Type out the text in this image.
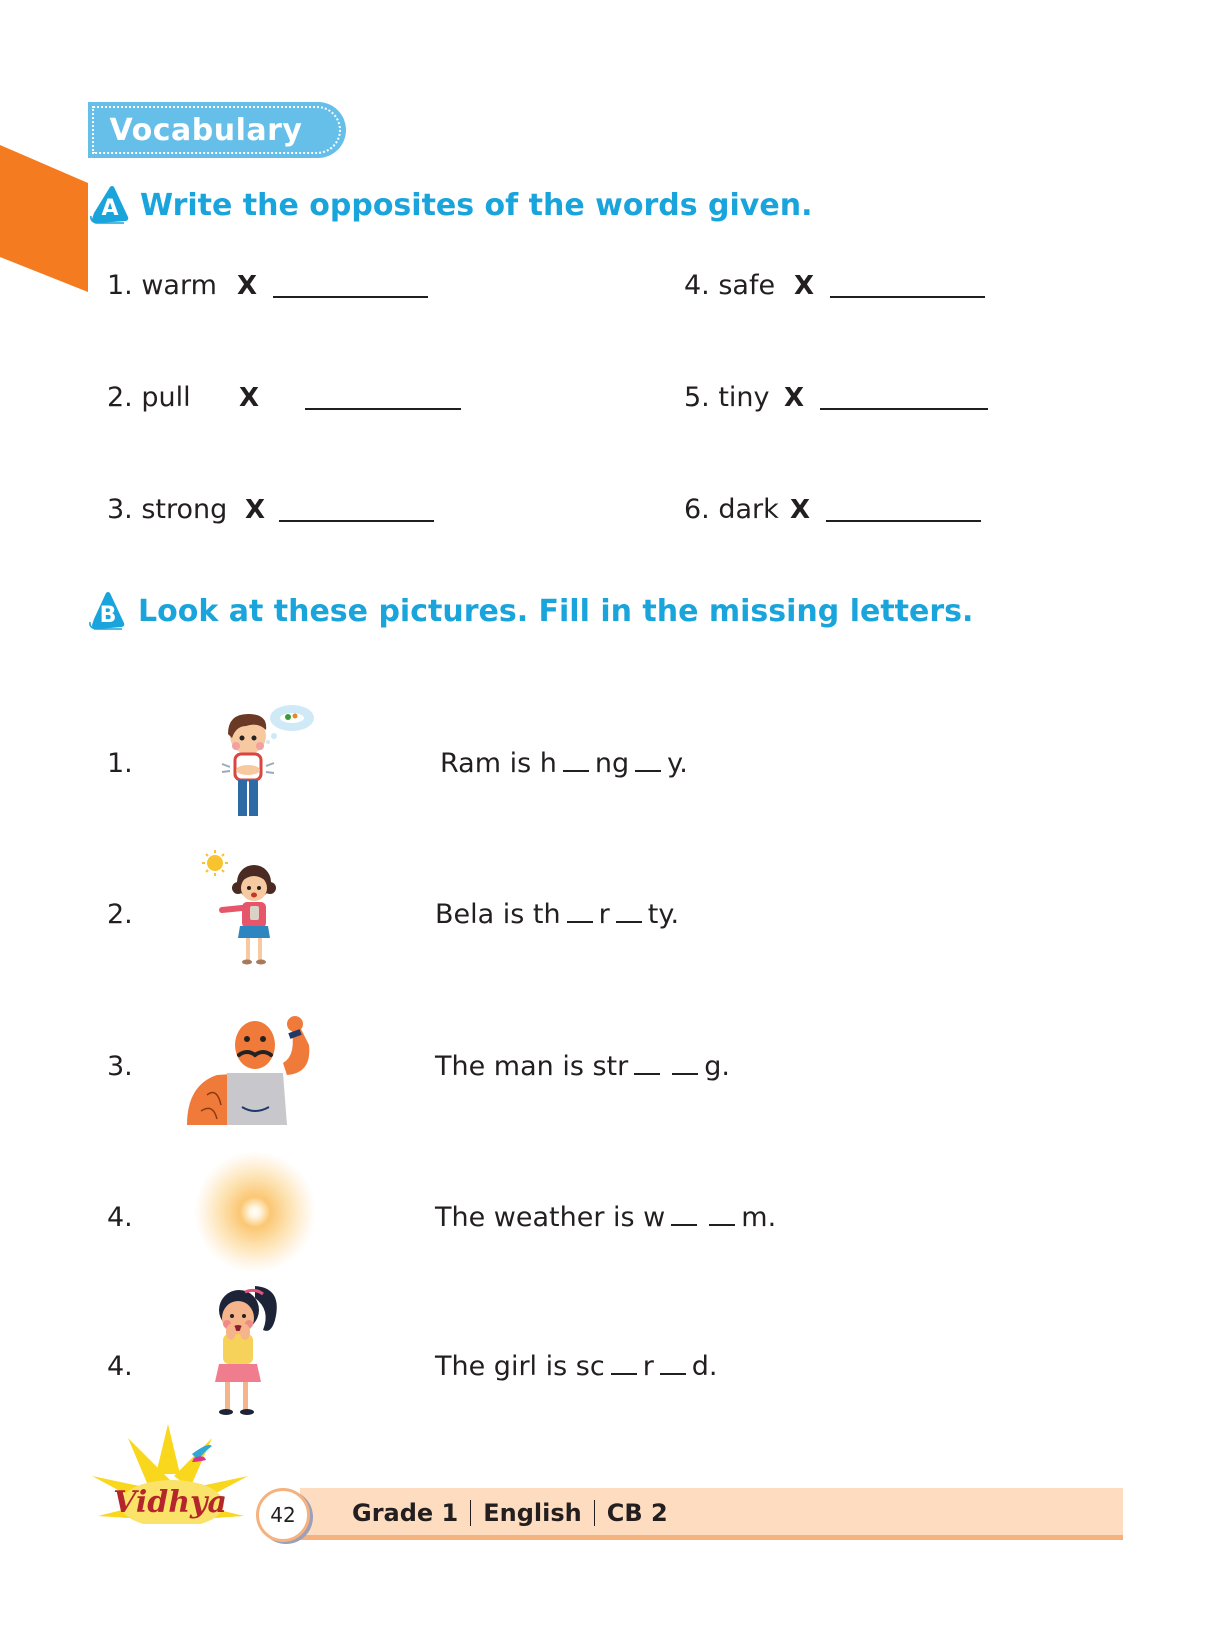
Vocabulary
A Write the opposites of the words given.
1. warm X
2. pull	X
3. strong X
4. safe X
5. tiny X
6. dark X
B Look at these pictures. Fill in the missing letters.
1.	Ram is h ng y.
2.	Bela is th r ty.
3.	The man is str	g.
4.	The weather is w	m.
4.	The girl is sc r d.
Vidhya 42 Grade 1 English CB 2
